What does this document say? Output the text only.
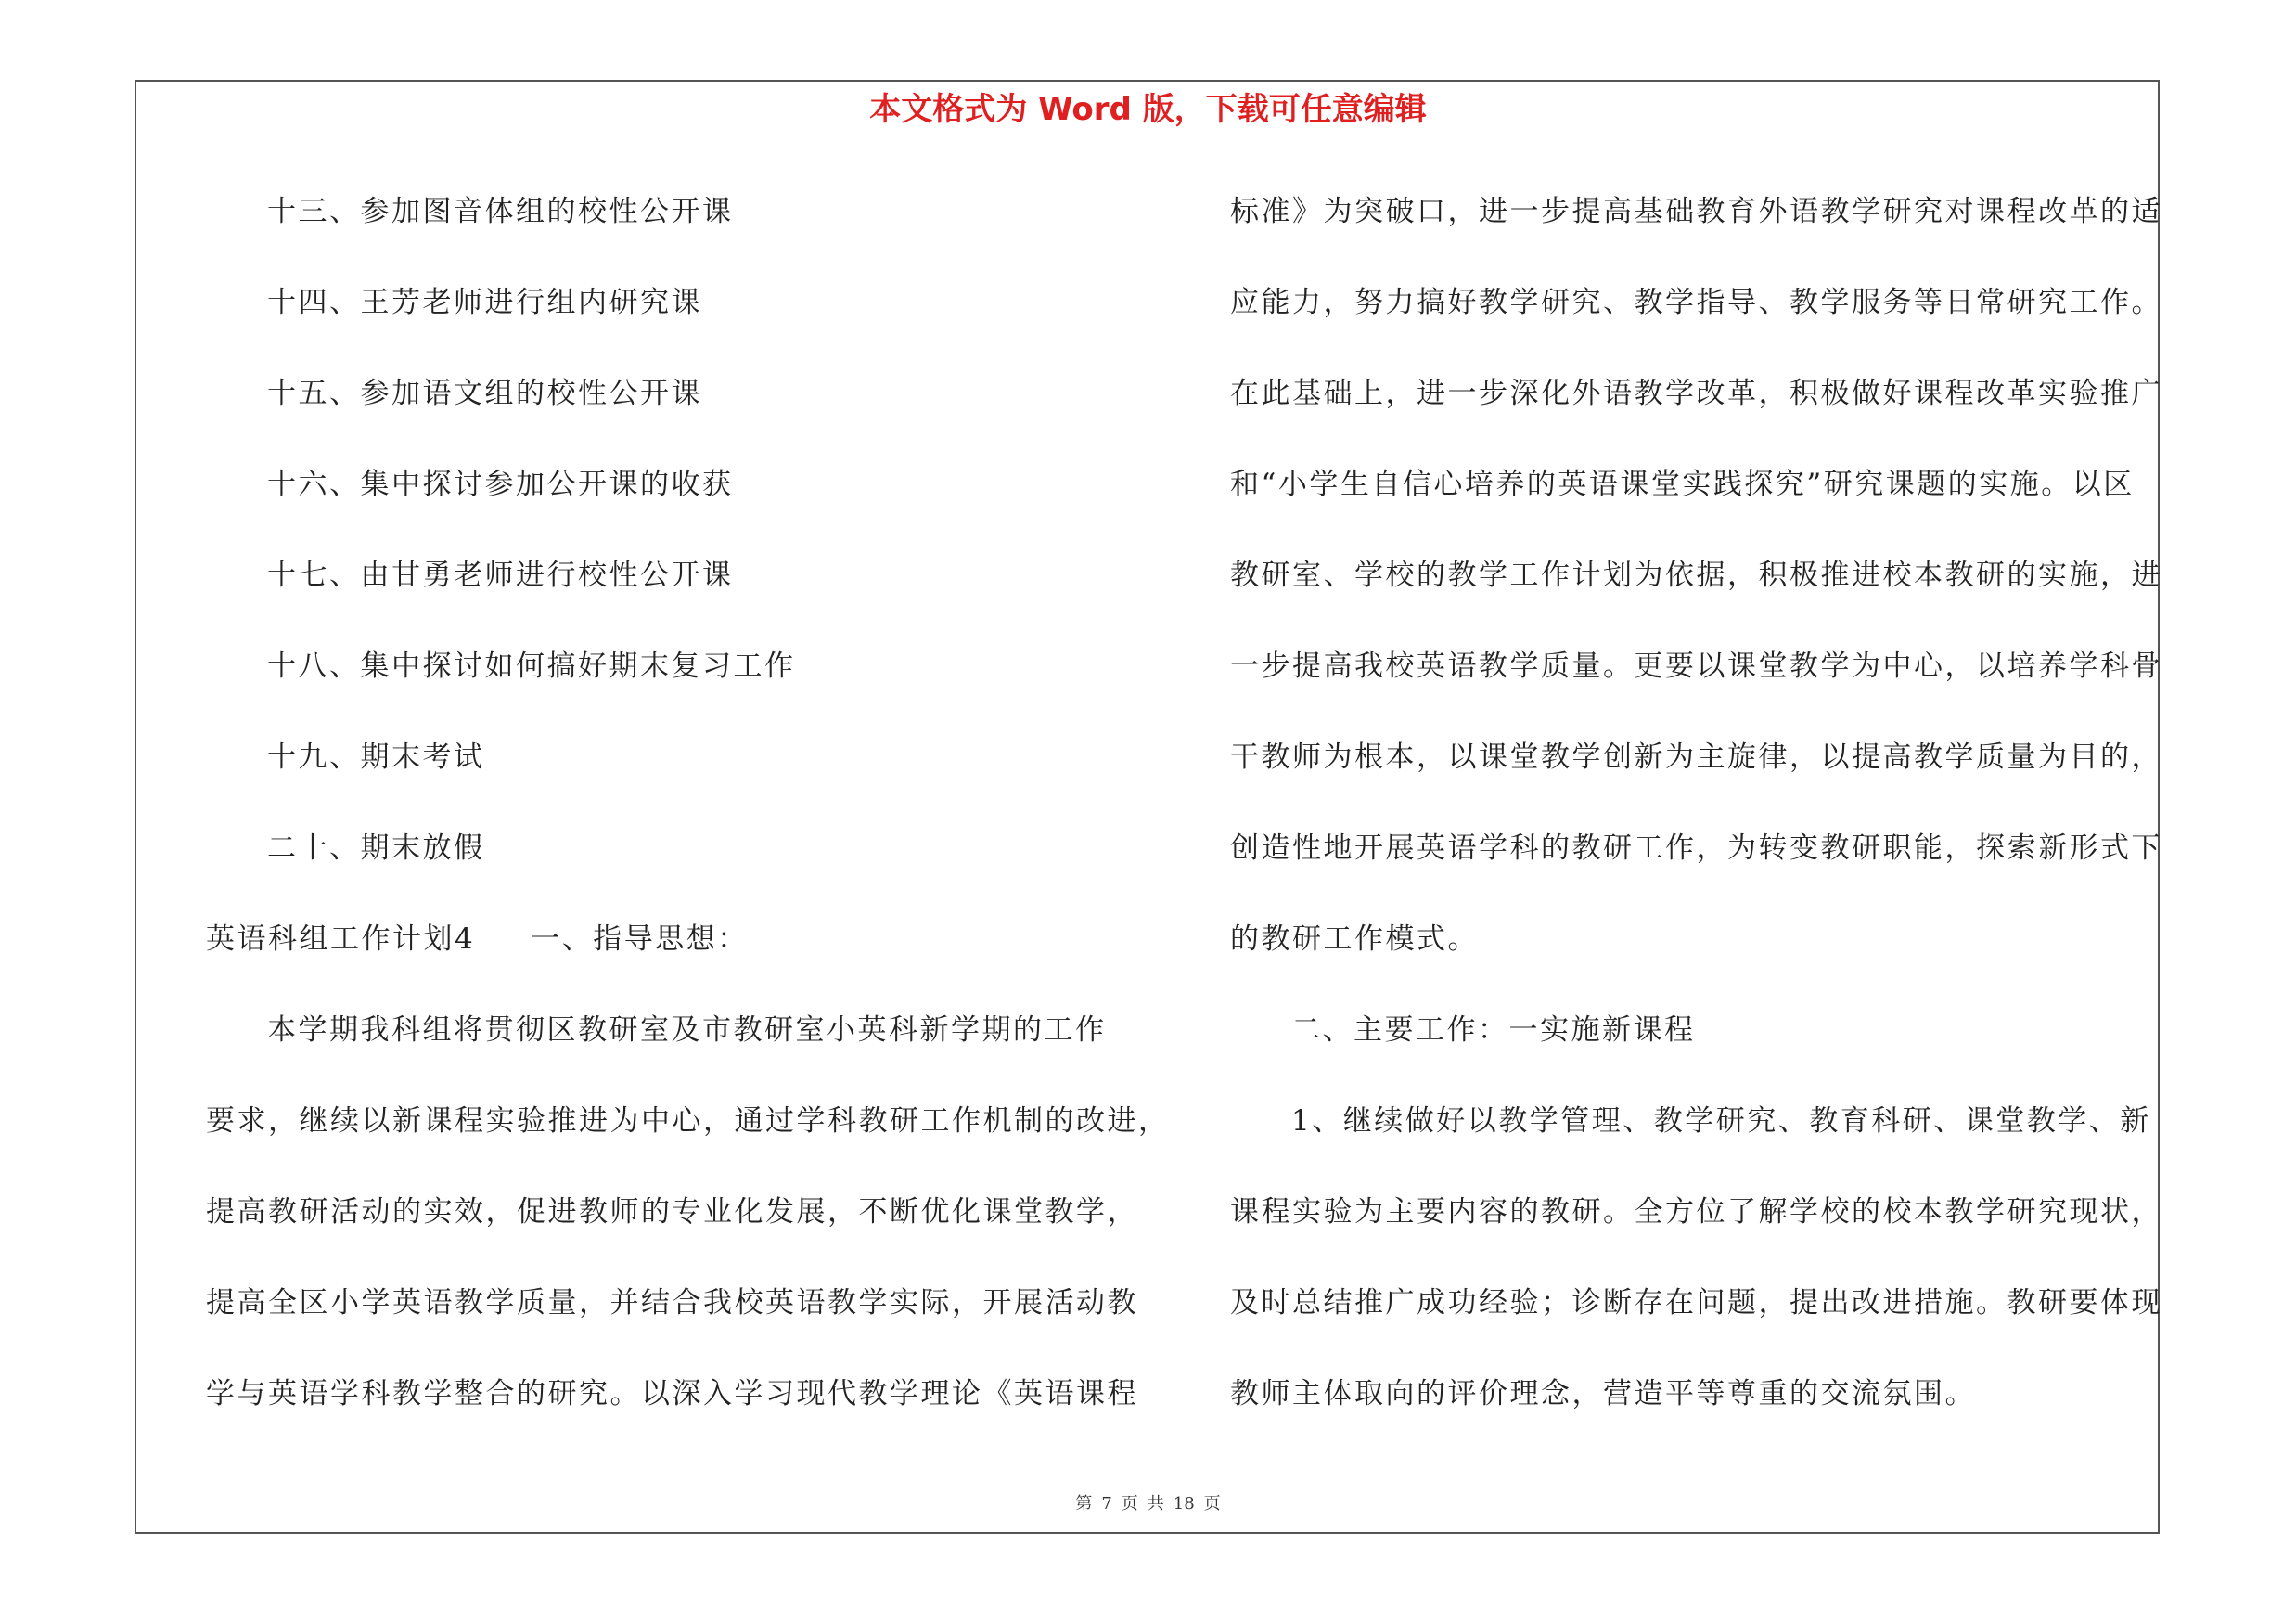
本文格式为 Word 版，下载可任意编辑
十三、参加图音体组的校性公开课
十四、王芳老师进行组内研究课
十五、参加语文组的校性公开课
十六、集中探讨参加公开课的收获
十七、由甘勇老师进行校性公开课
十八、集中探讨如何搞好期末复习工作
十九、期末考试
二十、期末放假
英语科组工作计划4 一、指导思想：
本学期我科组将贯彻区教研室及市教研室小英科新学期的工作
要求，继续以新课程实验推进为中心，通过学科教研工作机制的改进，
提高教研活动的实效，促进教师的专业化发展，不断优化课堂教学，
提高全区小学英语教学质量，并结合我校英语教学实际，开展活动教
学与英语学科教学整合的研究。以深入学习现代教学理论《英语课程
标准》为突破口，进一步提高基础教育外语教学研究对课程改革的适
应能力，努力搞好教学研究、教学指导、教学服务等日常研究工作。
在此基础上，进一步深化外语教学改革，积极做好课程改革实验推广
和“小学生自信心培养的英语课堂实践探究”研究课题的实施。以区
教研室、学校的教学工作计划为依据，积极推进校本教研的实施，进
一步提高我校英语教学质量。更要以课堂教学为中心，以培养学科骨
干教师为根本，以课堂教学创新为主旋律，以提高教学质量为目的，
创造性地开展英语学科的教研工作，为转变教研职能，探索新形式下
的教研工作模式。
二、主要工作：一实施新课程
1、继续做好以教学管理、教学研究、教育科研、课堂教学、新
课程实验为主要内容的教研。全方位了解学校的校本教学研究现状，
及时总结推广成功经验；诊断存在问题，提出改进措施。教研要体现
教师主体取向的评价理念，营造平等尊重的交流氛围。
第 7 页 共 18 页
